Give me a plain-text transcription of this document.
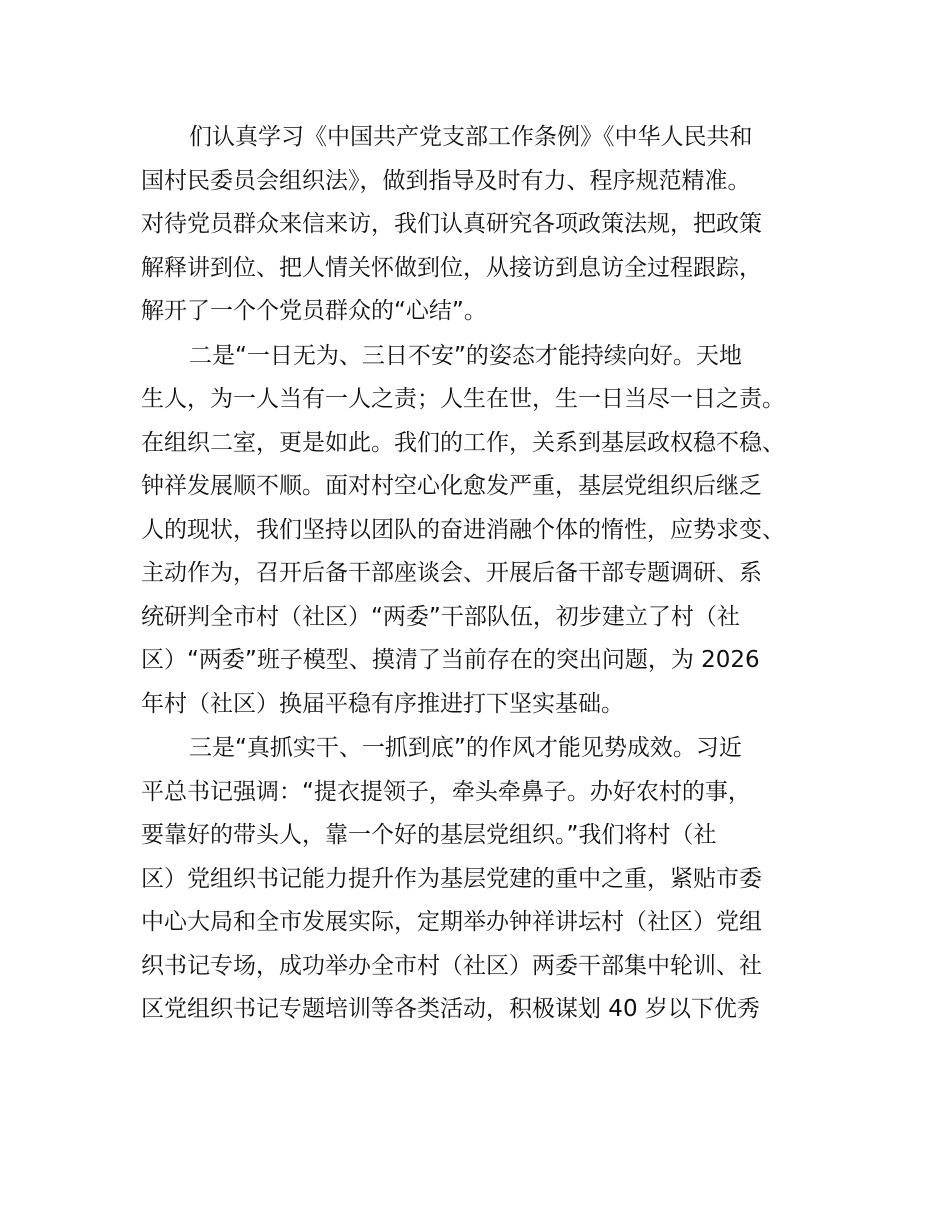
们认真学习《中国共产党支部工作条例》《中华人民共和
国村民委员会组织法》，做到指导及时有力、程序规范精准。
对待党员群众来信来访，我们认真研究各项政策法规，把政策
解释讲到位、把人情关怀做到位，从接访到息访全过程跟踪，
解开了一个个党员群众的“心结”。
二是“一日无为、三日不安”的姿态才能持续向好。天地
生人，为一人当有一人之责；人生在世，生一日当尽一日之责。
在组织二室，更是如此。我们的工作，关系到基层政权稳不稳、
钟祥发展顺不顺。面对村空心化愈发严重，基层党组织后继乏
人的现状，我们坚持以团队的奋进消融个体的惰性，应势求变、
主动作为，召开后备干部座谈会、开展后备干部专题调研、系
统研判全市村（社区）“两委”干部队伍，初步建立了村（社
区）“两委”班子模型、摸清了当前存在的突出问题，为 2026
年村（社区）换届平稳有序推进打下坚实基础。
三是“真抓实干、一抓到底”的作风才能见势成效。习近
平总书记强调：“提衣提领子，牵头牵鼻子。办好农村的事，
要靠好的带头人，靠一个好的基层党组织。”我们将村（社
区）党组织书记能力提升作为基层党建的重中之重，紧贴市委
中心大局和全市发展实际，定期举办钟祥讲坛村（社区）党组
织书记专场，成功举办全市村（社区）两委干部集中轮训、社
区党组织书记专题培训等各类活动，积极谋划 40 岁以下优秀
